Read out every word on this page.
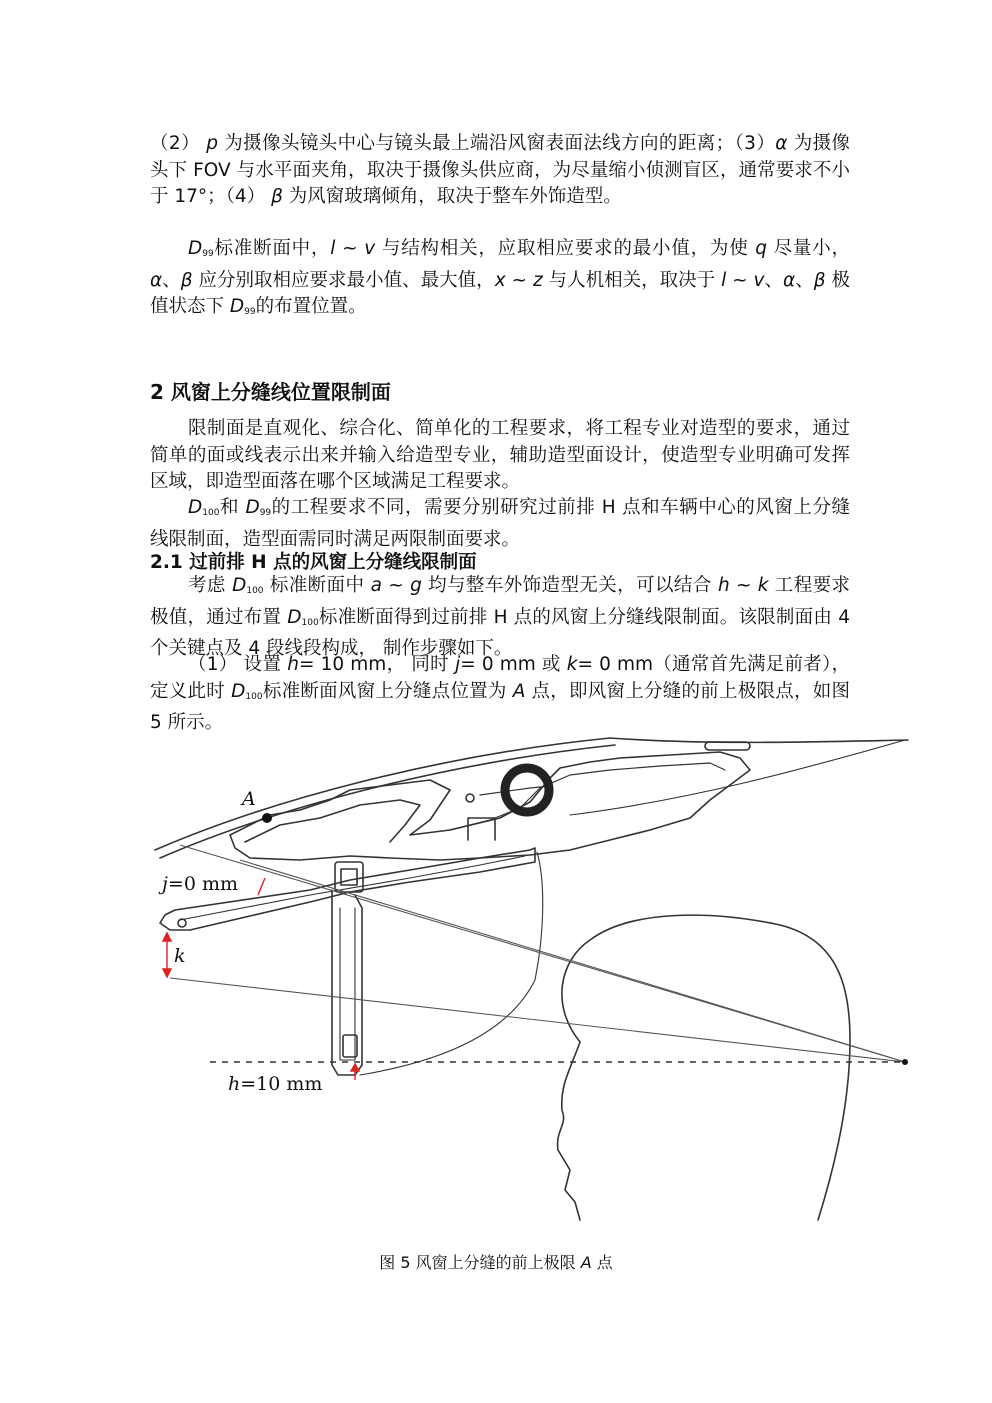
（2） p 为摄像头镜头中心与镜头最上端沿风窗表面法线方向的距离；（3）α 为摄像头下 FOV 与水平面夹角，取决于摄像头供应商，为尽量缩小侦测盲区，通常要求不小于 17°；（4） β 为风窗玻璃倾角，取决于整车外饰造型。

$D_{99}$标准断面中，l ~ v 与结构相关，应取相应要求的最小值，为使 q 尽量小，α、β 应分别取相应要求最小值、最大值，x ~ z 与人机相关，取决于 l ~ v、α、β 极值状态下 $D_{99}$的布置位置。

2 风窗上分缝线位置限制面

限制面是直观化、综合化、简单化的工程要求，将工程专业对造型的要求，通过简单的面或线表示出来并输入给造型专业，辅助造型面设计，使造型专业明确可发挥区域，即造型面落在哪个区域满足工程要求。

$D_{100}$和 $D_{99}$的工程要求不同，需要分别研究过前排 H 点和车辆中心的风窗上分缝线限制面，造型面需同时满足两限制面要求。

2.1 过前排 H 点的风窗上分缝线限制面

考虑 $D_{100}$ 标准断面中 a ~ g 均与整车外饰造型无关，可以结合 h ~ k 工程要求极值，通过布置 $D_{100}$标准断面得到过前排 H 点的风窗上分缝线限制面。该限制面由 4 个关键点及 4 段线段构成， 制作步骤如下。

（1） 设置 h= 10 mm， 同时 j= 0 mm 或 k= 0 mm（通常首先满足前者），定义此时 $D_{100}$标准断面风窗上分缝点位置为 A 点，即风窗上分缝的前上极限点，如图 5 所示。

A
j=0 mm
k
h=10 mm

图 5 风窗上分缝的前上极限 A 点
